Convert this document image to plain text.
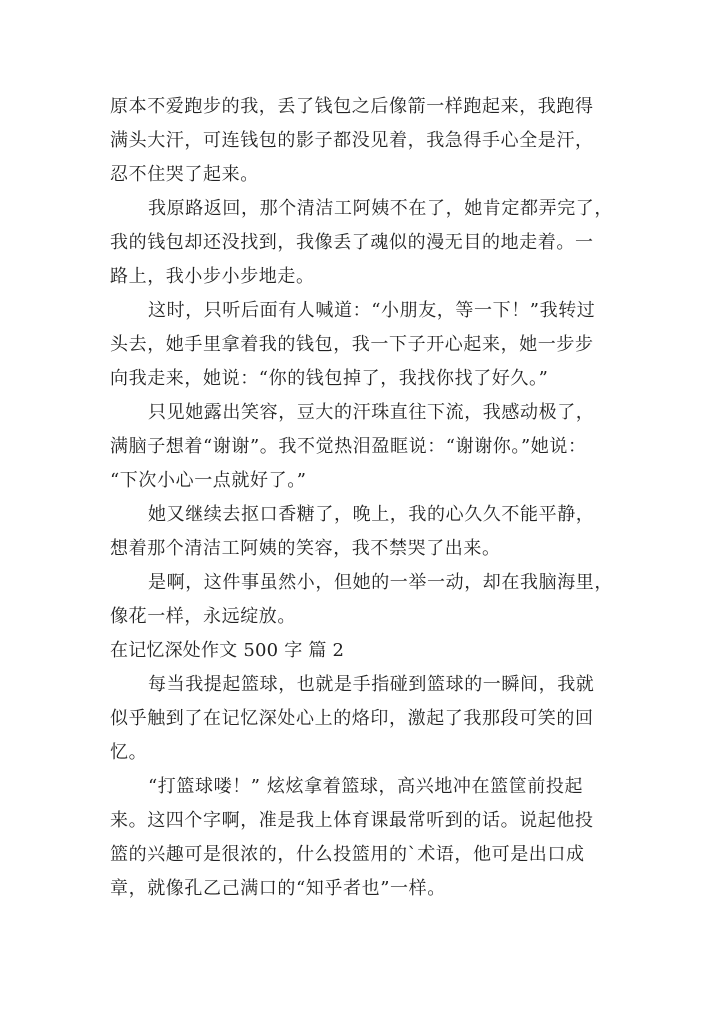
原本不爱跑步的我，丢了钱包之后像箭一样跑起来，我跑得
满头大汗，可连钱包的影子都没见着，我急得手心全是汗，
忍不住哭了起来。
我原路返回，那个清洁工阿姨不在了，她肯定都弄完了，
我的钱包却还没找到，我像丢了魂似的漫无目的地走着。一
路上，我小步小步地走。
这时，只听后面有人喊道：“小朋友，等一下！”我转过
头去，她手里拿着我的钱包，我一下子开心起来，她一步步
向我走来，她说：“你的钱包掉了，我找你找了好久。”
只见她露出笑容，豆大的汗珠直往下流，我感动极了，
满脑子想着“谢谢”。我不觉热泪盈眶说：“谢谢你。”她说：
“下次小心一点就好了。”
她又继续去抠口香糖了，晚上，我的心久久不能平静，
想着那个清洁工阿姨的笑容，我不禁哭了出来。
是啊，这件事虽然小，但她的一举一动，却在我脑海里，
像花一样，永远绽放。
在记忆深处作文 500 字 篇 2
每当我提起篮球，也就是手指碰到篮球的一瞬间，我就
似乎触到了在记忆深处心上的烙印，激起了我那段可笑的回
忆。
“打篮球喽！” 炫炫拿着篮球，高兴地冲在篮筐前投起
来。这四个字啊，准是我上体育课最常听到的话。说起他投
篮的兴趣可是很浓的，什么投篮用的`术语，他可是出口成
章，就像孔乙己满口的“知乎者也”一样。
